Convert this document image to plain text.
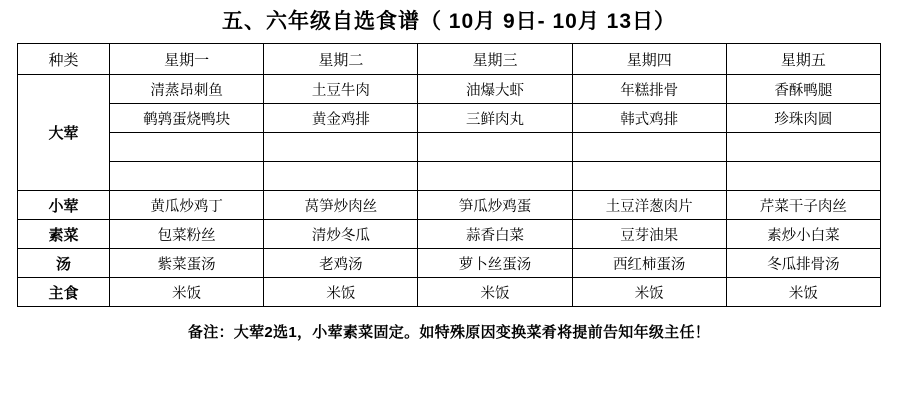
五、六年级自选食谱（ 10月 9日- 10月 13日）
种类	星期一	星期二	星期三	星期四	星期五
大荤	清蒸昂刺鱼	土豆牛肉	油爆大虾	年糕排骨	香酥鸭腿
	鹌鹑蛋烧鸭块	黄金鸡排	三鲜肉丸	韩式鸡排	珍珠肉圆

小荤	黄瓜炒鸡丁	莴笋炒肉丝	笋瓜炒鸡蛋	土豆洋葱肉片	芹菜干子肉丝
素菜	包菜粉丝	清炒冬瓜	蒜香白菜	豆芽油果	素炒小白菜
汤	紫菜蛋汤	老鸡汤	萝卜丝蛋汤	西红柿蛋汤	冬瓜排骨汤
主食	米饭	米饭	米饭	米饭	米饭
备注：大荤2选1，小荤素菜固定。如特殊原因变换菜肴将提前告知年级主任！
